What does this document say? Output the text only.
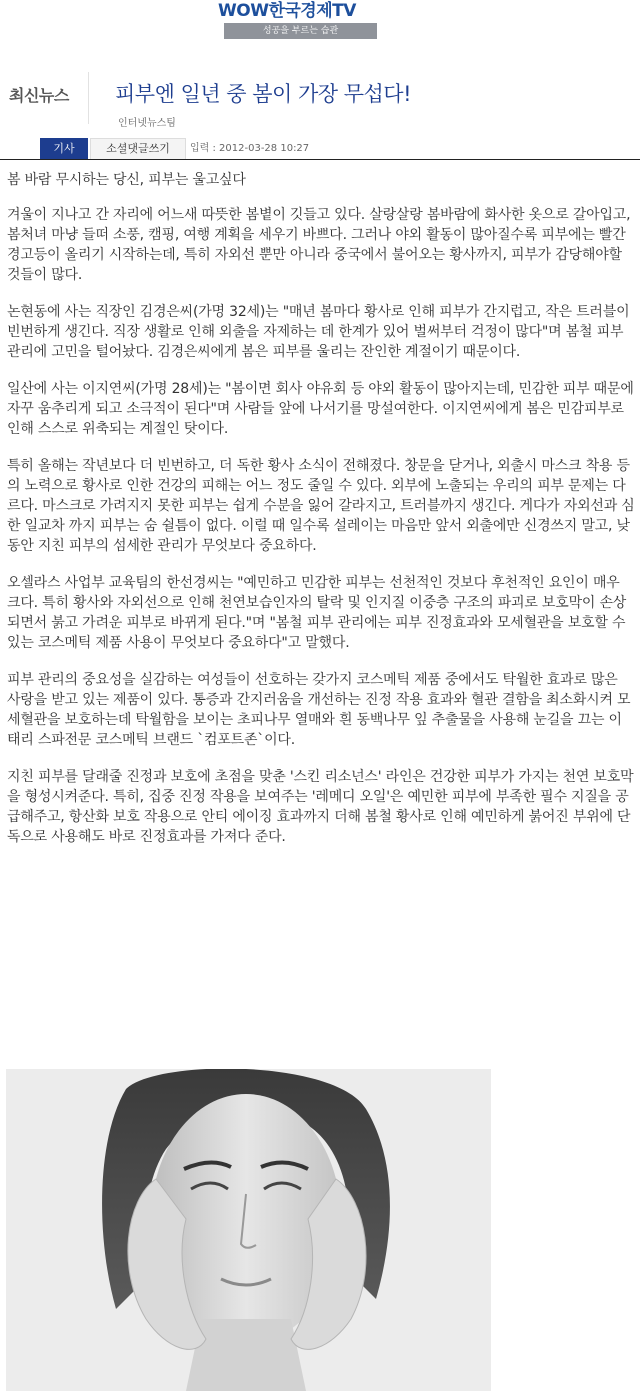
WOW한국경제TV
성공을 부르는 습관
최신뉴스 피부엔 일년 중 봄이 가장 무섭다!
인터넷뉴스팀
기사	소셜댓글쓰기	입력 : 2012-03-28 10:27

봄 바람 무시하는 당신, 피부는 울고싶다

겨울이 지나고 간 자리에 어느새 따뜻한 봄볕이 깃들고 있다. 살랑살랑 봄바람에 화사한 옷으로 갈아입고, 봄처녀 마냥 들떠 소풍, 캠핑, 여행 계획을 세우기 바쁘다. 그러나 야외 활동이 많아질수록 피부에는 빨간 경고등이 올리기 시작하는데, 특히 자외선 뿐만 아니라 중국에서 불어오는 황사까지, 피부가 감당해야할 것들이 많다.

논현동에 사는 직장인 김경은씨(가명 32세)는 "매년 봄마다 황사로 인해 피부가 간지럽고, 작은 트러블이 빈번하게 생긴다. 직장 생활로 인해 외출을 자제하는 데 한계가 있어 벌써부터 걱정이 많다"며 봄철 피부 관리에 고민을 털어놨다. 김경은씨에게 봄은 피부를 울리는 잔인한 계절이기 때문이다.

일산에 사는 이지연씨(가명 28세)는 "봄이면 회사 야유회 등 야외 활동이 많아지는데, 민감한 피부 때문에 자꾸 움추리게 되고 소극적이 된다"며 사람들 앞에 나서기를 망설여한다. 이지연씨에게 봄은 민감피부로 인해 스스로 위축되는 계절인 탓이다.

특히 올해는 작년보다 더 빈번하고, 더 독한 황사 소식이 전해졌다. 창문을 닫거나, 외출시 마스크 착용 등의 노력으로 황사로 인한 건강의 피해는 어느 정도 줄일 수 있다. 외부에 노출되는 우리의 피부 문제는 다르다. 마스크로 가려지지 못한 피부는 쉽게 수분을 잃어 갈라지고, 트러블까지 생긴다. 게다가 자외선과 심한 일교차 까지 피부는 숨 쉴틈이 없다. 이럴 때 일수록 설레이는 마음만 앞서 외출에만 신경쓰지 말고, 낮 동안 지친 피부의 섬세한 관리가 무엇보다 중요하다.

오셀라스 사업부 교육팀의 한선경씨는 "예민하고 민감한 피부는 선천적인 것보다 후천적인 요인이 매우 크다. 특히 황사와 자외선으로 인해 천연보습인자의 탈락 및 인지질 이중층 구조의 파괴로 보호막이 손상되면서 붉고 가려운 피부로 바뀌게 된다."며 "봄철 피부 관리에는 피부 진정효과와 모세혈관을 보호할 수 있는 코스메틱 제품 사용이 무엇보다 중요하다"고 말했다.

피부 관리의 중요성을 실감하는 여성들이 선호하는 갖가지 코스메틱 제품 중에서도 탁월한 효과로 많은 사랑을 받고 있는 제품이 있다. 통증과 간지러움을 개선하는 진정 작용 효과와 혈관 결함을 최소화시켜 모세혈관을 보호하는데 탁월함을 보이는 초피나무 열매와 흰 동백나무 잎 추출물을 사용해 눈길을 끄는 이태리 스파전문 코스메틱 브랜드 `컴포트존`이다.

지친 피부를 달래줄 진정과 보호에 초점을 맞춘 '스킨 리소넌스' 라인은 건강한 피부가 가지는 천연 보호막을 형성시켜준다. 특히, 집중 진정 작용을 보여주는 '레메디 오일'은 예민한 피부에 부족한 필수 지질을 공급해주고, 항산화 보호 작용으로 안티 에이징 효과까지 더해 봄철 황사로 인해 예민하게 붉어진 부위에 단독으로 사용해도 바로 진정효과를 가져다 준다.
